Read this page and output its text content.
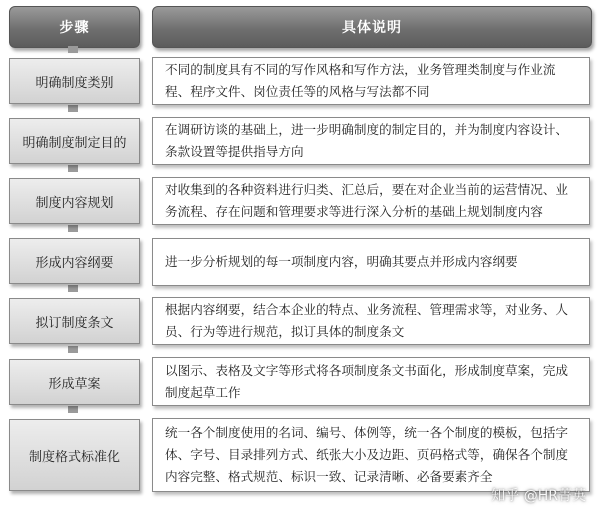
步骤	具体说明
明确制度类别
不同的制度具有不同的写作风格和写作方法，业务管理类制度与作业流程、程序文件、岗位责任等的风格与写法都不同
明确制度制定目的
在调研访谈的基础上，进一步明确制度的制定目的，并为制度内容设计、条款设置等提供指导方向
制度内容规划
对收集到的各种资料进行归类、汇总后，要在对企业当前的运营情况、业务流程、存在问题和管理要求等进行深入分析的基础上规划制度内容
形成内容纲要	进一步分析规划的每一项制度内容，明确其要点并形成内容纲要
拟订制度条文
根据内容纲要，结合本企业的特点、业务流程、管理需求等，对业务、人员、行为等进行规范，拟订具体的制度条文
形成草案
以图示、表格及文字等形式将各项制度条文书面化，形成制度草案，完成制度起草工作
制度格式标准化
统一各个制度使用的名词、编号、体例等，统一各个制度的模板，包括字体、字号、目录排列方式、纸张大小及边距、页码格式等，确保各个制度内容完整、格式规范、标识一致、记录清晰、必备要素齐全
知乎 @HR菁英
